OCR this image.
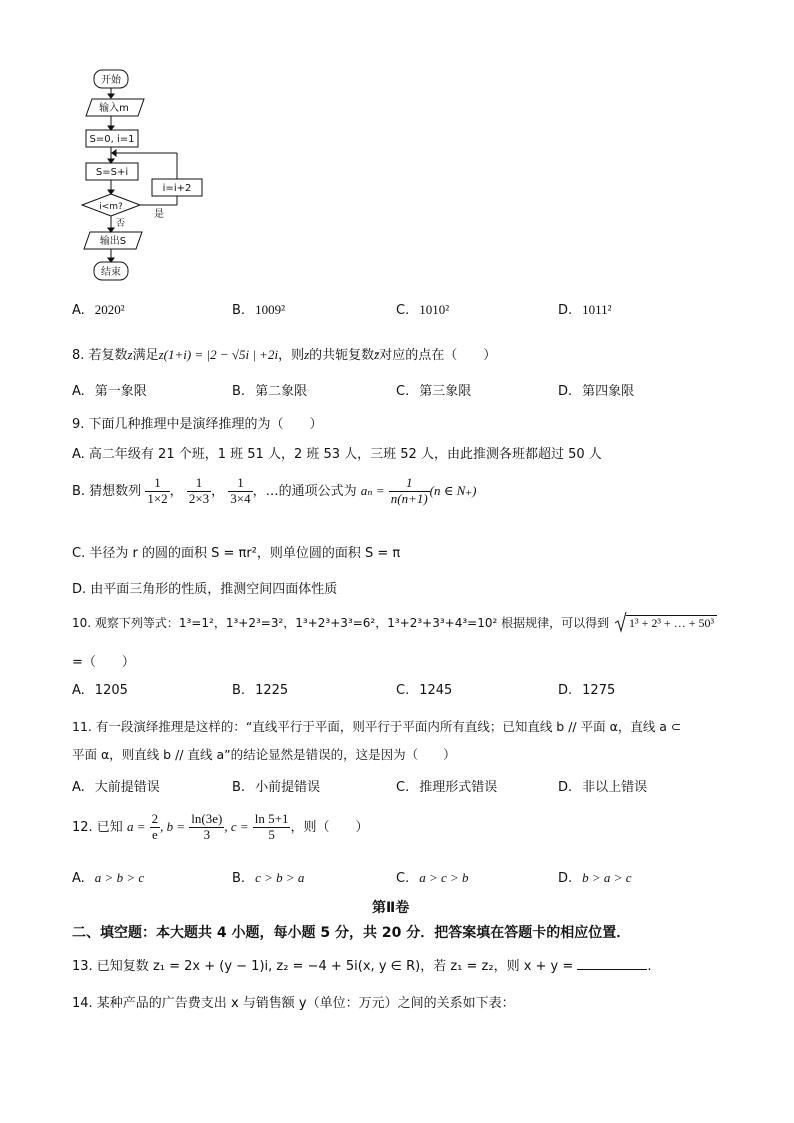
开始
输入m
S=0, i=1
S=S+i
i=i+2
i<m?
是
否
输出S
结束
A. 2020²	B. 1009²	C. 1010²	D. 1011²
8. 若复数z满足z(1+i) = |2 − √5i | +2i，则z的共轭复数z̄对应的点在（　　）
A. 第一象限	B. 第二象限	C. 第三象限	D. 第四象限
9. 下面几种推理中是演绎推理的为（　　）
A. 高二年级有 21 个班，1 班 51 人，2 班 53 人，三班 52 人，由此推测各班都超过 50 人
B. 猜想数列 $\frac{1}{1\times 2}$ ， $\frac{1}{2\times 3}$ ， $\frac{1}{3\times 4}$ ，…的通项公式为 $a_n = \frac{1}{n(n+1)} (n$ ∈ N₊)
C. 半径为 r 的圆的面积 S = πr²，则单位圆的面积 S = π
D. 由平面三角形的性质，推测空间四面体性质
10. 观察下列等式：1³=1²，1³+2³=3²，1³+2³+3³=6²，1³+2³+3³+4³=10² 根据规律，可以得到 1³ + 2³ + … + 50³
=（　　）
A. 1205	B. 1225	C. 1245	D. 1275
11. 有一段演绎推理是这样的：“直线平行于平面，则平行于平面内所有直线；已知直线 b // 平面 α，直线 a ⊂
平面 α，则直线 b // 直线 a”的结论显然是错误的，这是因为（　　）
A. 大前提错误	B. 小前提错误	C. 推理形式错误	D. 非以上错误
12. 已知 $a = \frac{2}{e}$ , $b = \frac{\ln(3e)}{3}$ , $c = \frac{\ln 5+1}{5}$ ，则（　　）
A. a > b > c	B. c > b > a	C. a > c > b	D. b > a > c
第Ⅱ卷
二、填空题：本大题共 4 小题，每小题 5 分，共 20 分．把答案填在答题卡的相应位置．
13. 已知复数 z₁ = 2x + (y − 1)i, z₂ = −4 + 5i(x, y ∈ R)，若 z₁ = z₂，则 x + y =	.
14. 某种产品的广告费支出 x 与销售额 y（单位：万元）之间的关系如下表：
